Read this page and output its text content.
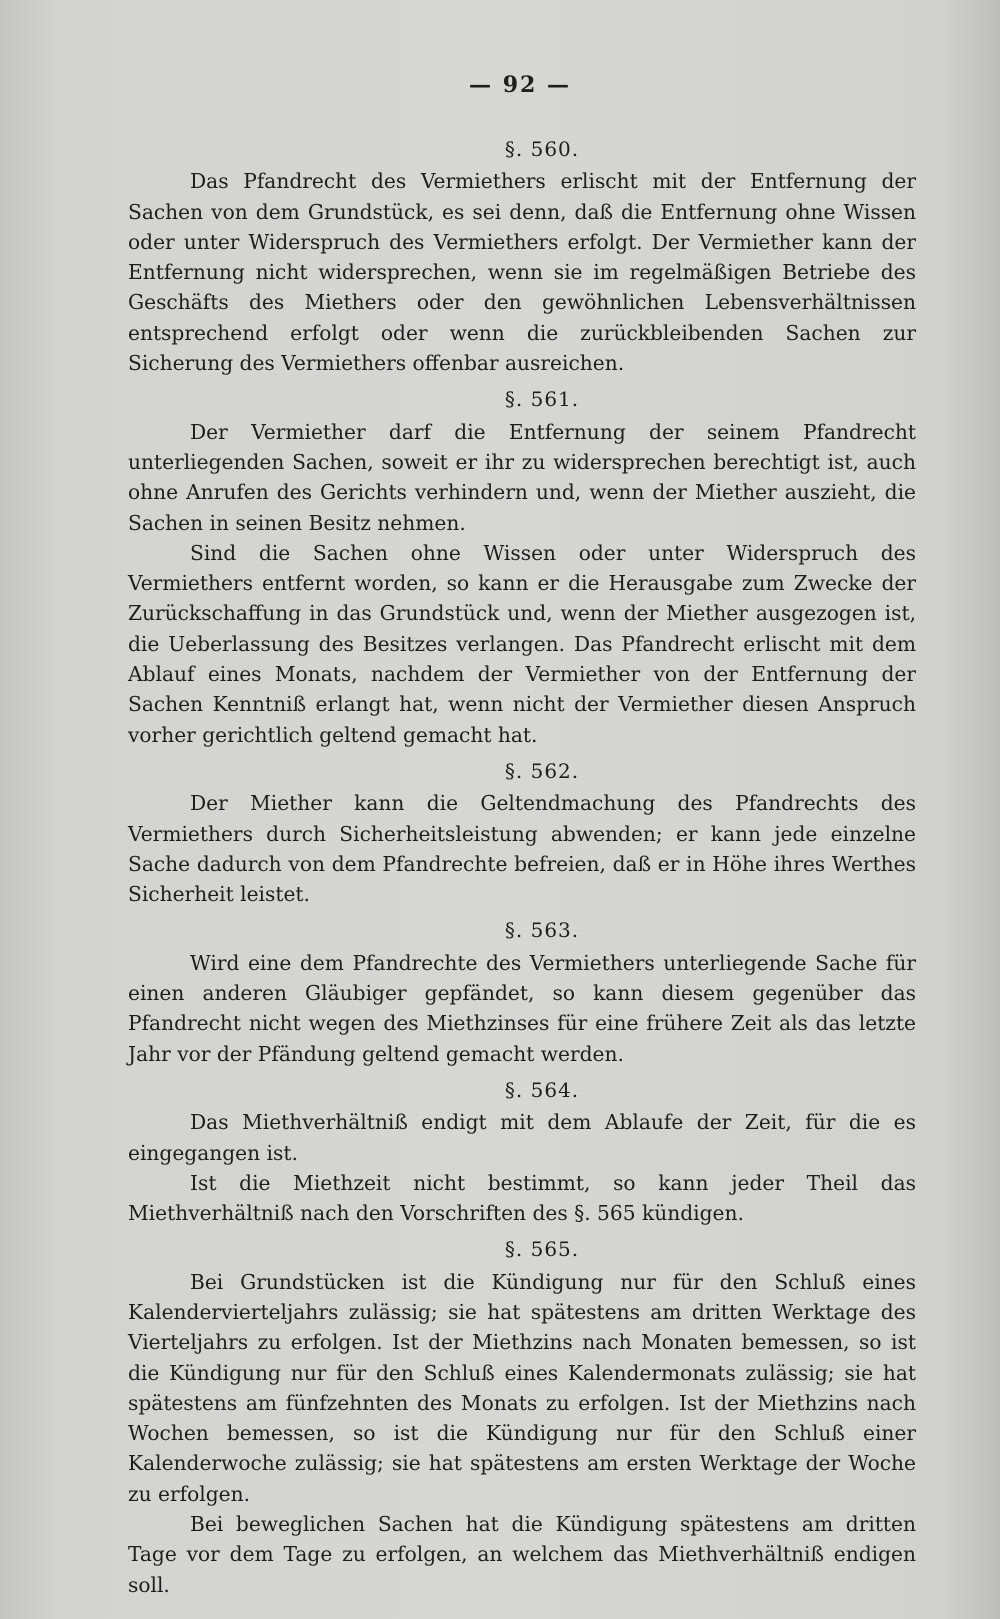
— 92 —
§. 560.

Das Pfandrecht des Vermiethers erlischt mit der Entfernung der Sachen von dem Grundstück, es sei denn, daß die Entfernung ohne Wissen oder unter Widerspruch des Vermiethers erfolgt. Der Vermiether kann der Entfernung nicht widersprechen, wenn sie im regelmäßigen Betriebe des Geschäfts des Miethers oder den gewöhnlichen Lebensverhältnissen entsprechend erfolgt oder wenn die zurückbleibenden Sachen zur Sicherung des Vermiethers offenbar ausreichen.

§. 561.

Der Vermiether darf die Entfernung der seinem Pfandrecht unterliegenden Sachen, soweit er ihr zu widersprechen berechtigt ist, auch ohne Anrufen des Gerichts verhindern und, wenn der Miether auszieht, die Sachen in seinen Besitz nehmen.

Sind die Sachen ohne Wissen oder unter Widerspruch des Vermiethers entfernt worden, so kann er die Herausgabe zum Zwecke der Zurückschaffung in das Grundstück und, wenn der Miether ausgezogen ist, die Ueberlassung des Besitzes verlangen. Das Pfandrecht erlischt mit dem Ablauf eines Monats, nachdem der Vermiether von der Entfernung der Sachen Kenntniß erlangt hat, wenn nicht der Vermiether diesen Anspruch vorher gerichtlich geltend gemacht hat.

§. 562.

Der Miether kann die Geltendmachung des Pfandrechts des Vermiethers durch Sicherheitsleistung abwenden; er kann jede einzelne Sache dadurch von dem Pfandrechte befreien, daß er in Höhe ihres Werthes Sicherheit leistet.

§. 563.

Wird eine dem Pfandrechte des Vermiethers unterliegende Sache für einen anderen Gläubiger gepfändet, so kann diesem gegenüber das Pfandrecht nicht wegen des Miethzinses für eine frühere Zeit als das letzte Jahr vor der Pfändung geltend gemacht werden.

§. 564.

Das Miethverhältniß endigt mit dem Ablaufe der Zeit, für die es eingegangen ist.

Ist die Miethzeit nicht bestimmt, so kann jeder Theil das Miethverhältniß nach den Vorschriften des §. 565 kündigen.

§. 565.

Bei Grundstücken ist die Kündigung nur für den Schluß eines Kalendervierteljahrs zulässig; sie hat spätestens am dritten Werktage des Vierteljahrs zu erfolgen. Ist der Miethzins nach Monaten bemessen, so ist die Kündigung nur für den Schluß eines Kalendermonats zulässig; sie hat spätestens am fünfzehnten des Monats zu erfolgen. Ist der Miethzins nach Wochen bemessen, so ist die Kündigung nur für den Schluß einer Kalenderwoche zulässig; sie hat spätestens am ersten Werktage der Woche zu erfolgen.

Bei beweglichen Sachen hat die Kündigung spätestens am dritten Tage vor dem Tage zu erfolgen, an welchem das Miethverhältniß endigen soll.
